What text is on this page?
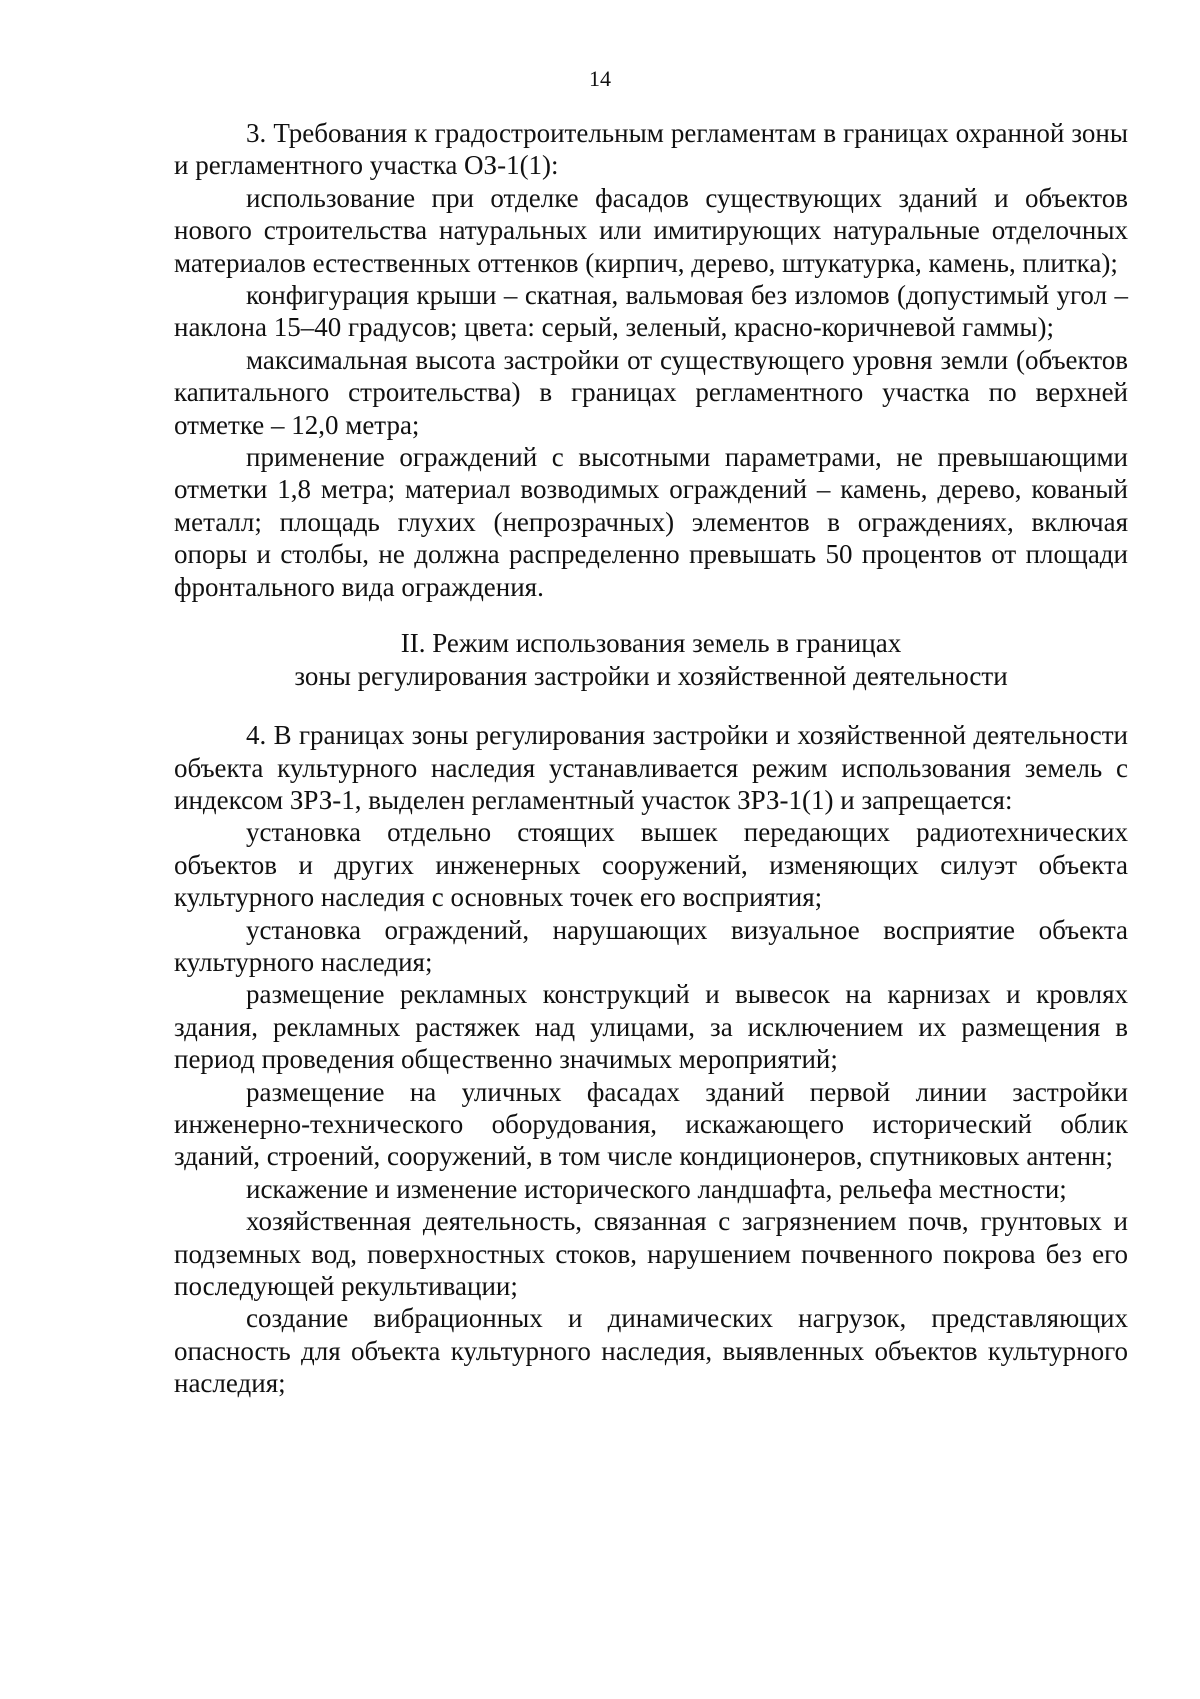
14

3. Требования к градостроительным регламентам в границах охранной зоны и регламентного участка ОЗ-1(1):

использование при отделке фасадов существующих зданий и объектов нового строительства натуральных или имитирующих натуральные отделочных материалов естественных оттенков (кирпич, дерево, штукатурка, камень, плитка);

конфигурация крыши – скатная, вальмовая без изломов (допустимый угол – наклона 15–40 градусов; цвета: серый, зеленый, красно-коричневой гаммы);

максимальная высота застройки от существующего уровня земли (объектов капитального строительства) в границах регламентного участка по верхней отметке – 12,0 метра;

применение ограждений с высотными параметрами, не превышающими отметки 1,8 метра; материал возводимых ограждений – камень, дерево, кованый металл; площадь глухих (непрозрачных) элементов в ограждениях, включая опоры и столбы, не должна распределенно превышать 50 процентов от площади фронтального вида ограждения.

II. Режим использования земель в границах
зоны регулирования застройки и хозяйственной деятельности

4. В границах зоны регулирования застройки и хозяйственной деятельности объекта культурного наследия устанавливается режим использования земель с индексом ЗРЗ-1, выделен регламентный участок ЗРЗ-1(1) и запрещается:

установка отдельно стоящих вышек передающих радиотехнических объектов и других инженерных сооружений, изменяющих силуэт объекта культурного наследия с основных точек его восприятия;

установка ограждений, нарушающих визуальное восприятие объекта культурного наследия;

размещение рекламных конструкций и вывесок на карнизах и кровлях здания, рекламных растяжек над улицами, за исключением их размещения в период проведения общественно значимых мероприятий;

размещение на уличных фасадах зданий первой линии застройки инженерно-технического оборудования, искажающего исторический облик зданий, строений, сооружений, в том числе кондиционеров, спутниковых антенн;

искажение и изменение исторического ландшафта, рельефа местности;

хозяйственная деятельность, связанная с загрязнением почв, грунтовых и подземных вод, поверхностных стоков, нарушением почвенного покрова без его последующей рекультивации;

создание вибрационных и динамических нагрузок, представляющих опасность для объекта культурного наследия, выявленных объектов культурного наследия;
